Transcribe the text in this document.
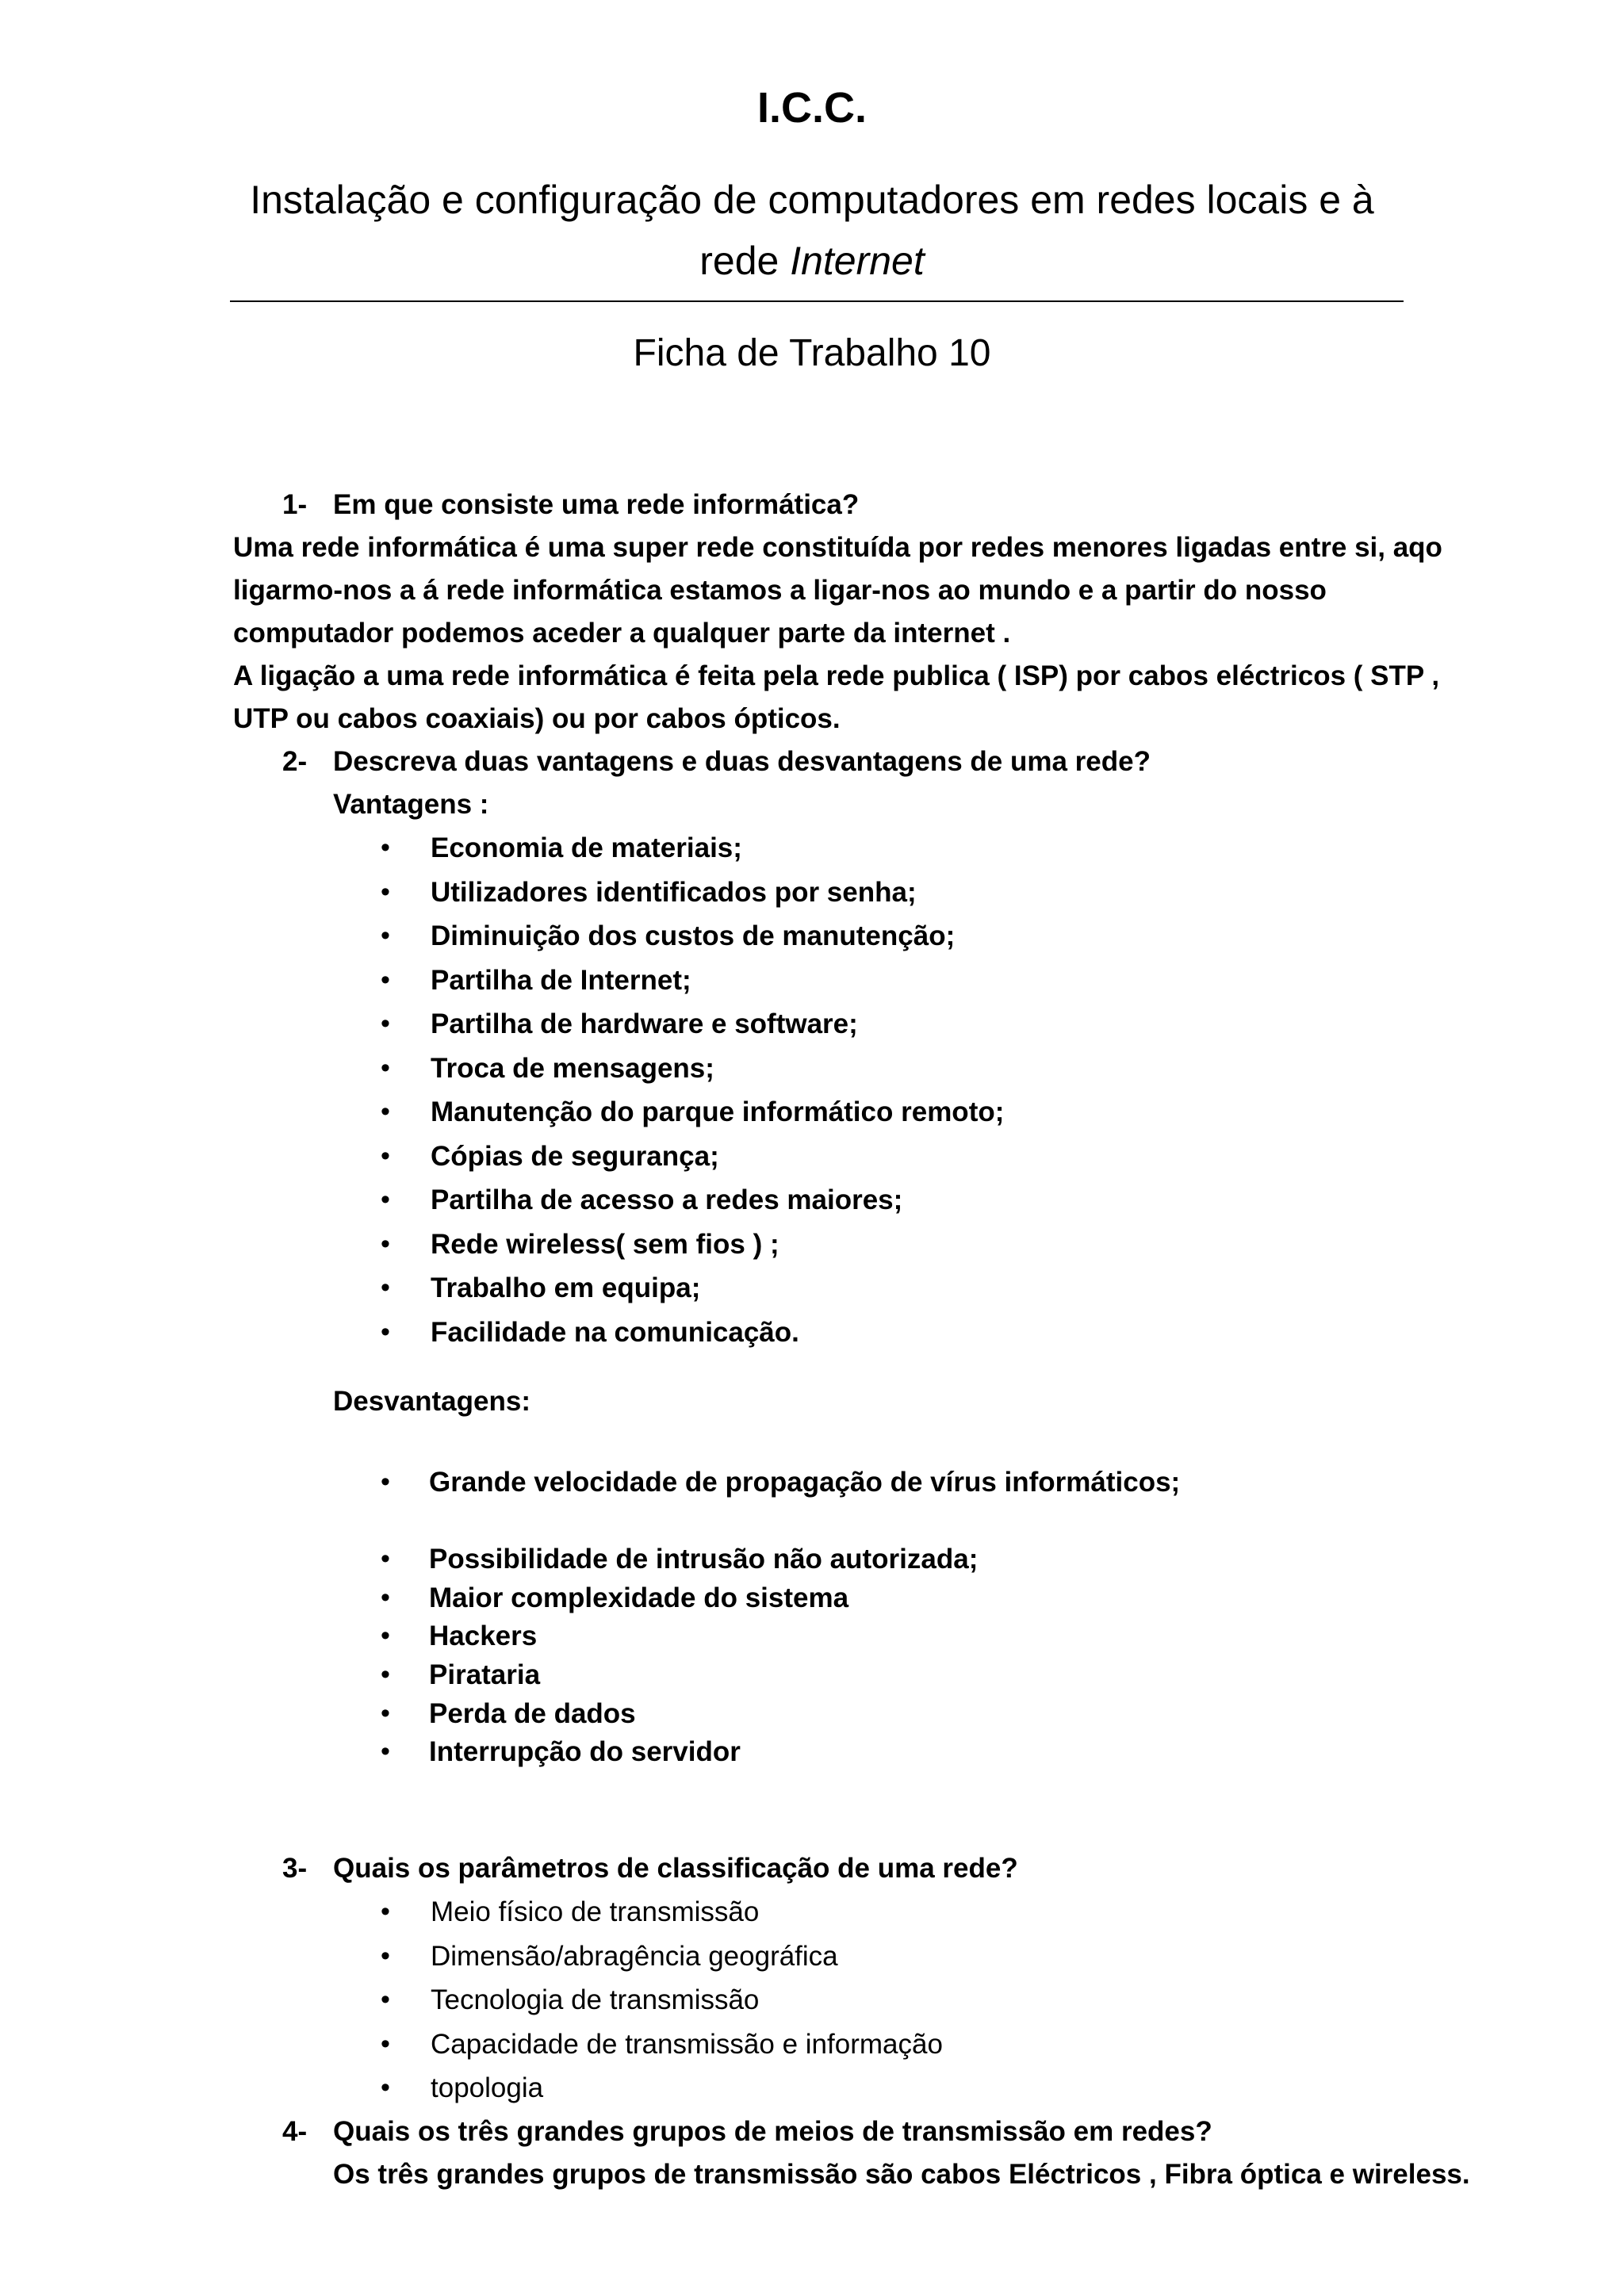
I.C.C.
Instalação e configuração de computadores em redes locais e à
rede Internet
Ficha de Trabalho 10
1- Em que consiste uma rede informática?
Uma rede informática é uma super rede constituída por redes menores ligadas entre si, aqo
ligarmo-nos a á rede informática estamos a ligar-nos ao mundo e a partir do nosso
computador podemos aceder a qualquer parte da internet .
A ligação a uma rede informática é feita pela rede publica ( ISP) por cabos eléctricos ( STP ,
UTP ou cabos coaxiais) ou por cabos ópticos.
2- Descreva duas vantagens e duas desvantagens de uma rede?
Vantagens :
• Economia de materiais;
• Utilizadores identificados por senha;
• Diminuição dos custos de manutenção;
• Partilha de Internet;
• Partilha de hardware e software;
• Troca de mensagens;
• Manutenção do parque informático remoto;
• Cópias de segurança;
• Partilha de acesso a redes maiores;
• Rede wireless( sem fios ) ;
• Trabalho em equipa;
• Facilidade na comunicação.
Desvantagens:
• Grande velocidade de propagação de vírus informáticos;
• Possibilidade de intrusão não autorizada;
• Maior complexidade do sistema
• Hackers
• Pirataria
• Perda de dados
• Interrupção do servidor
3- Quais os parâmetros de classificação de uma rede?
• Meio físico de transmissão
• Dimensão/abragência geográfica
• Tecnologia de transmissão
• Capacidade de transmissão e informação
• topologia
4- Quais os três grandes grupos de meios de transmissão em redes?
Os três grandes grupos de transmissão são cabos Eléctricos , Fibra óptica e wireless.
